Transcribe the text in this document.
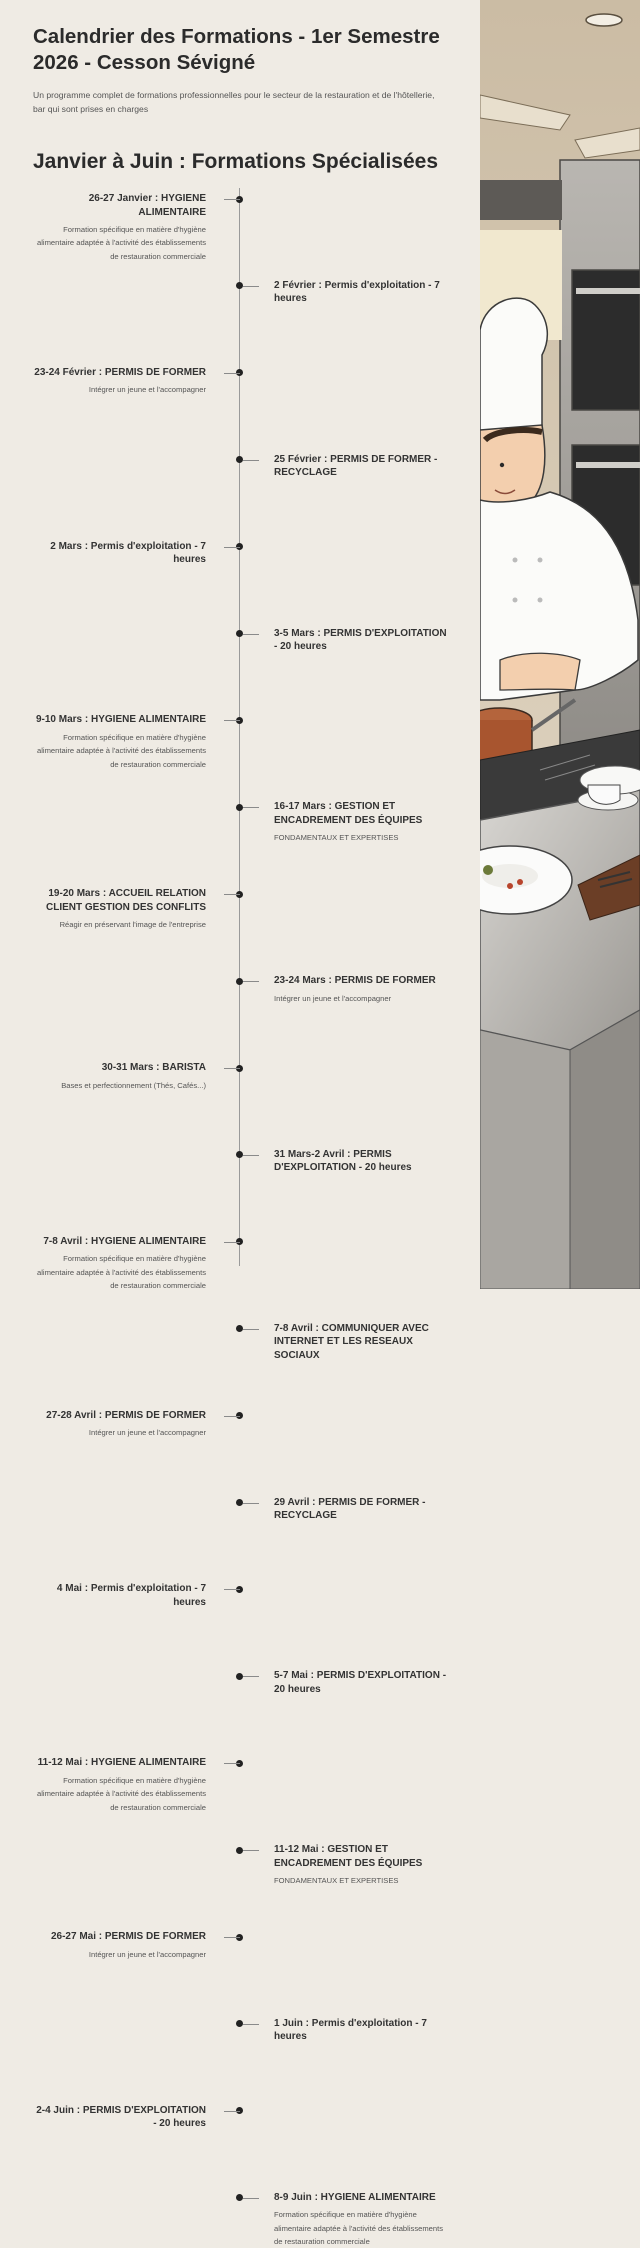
Calendrier des Formations - 1er Semestre 2026 - Cesson Sévigné
Un programme complet de formations professionnelles pour le secteur de la restauration et de l'hôtellerie, bar qui sont prises en charges
Janvier à Juin : Formations Spécialisées
26-27 Janvier : HYGIENE ALIMENTAIRE
Formation spécifique en matière d'hygiène alimentaire adaptée à l'activité des établissements de restauration commerciale
2 Février : Permis d'exploitation - 7 heures
23-24 Février : PERMIS DE FORMER
Intégrer un jeune et l'accompagner
25 Février : PERMIS DE FORMER - RECYCLAGE
2 Mars : Permis d'exploitation - 7 heures
3-5 Mars : PERMIS D'EXPLOITATION - 20 heures
9-10 Mars : HYGIENE ALIMENTAIRE
Formation spécifique en matière d'hygiène alimentaire adaptée à l'activité des établissements de restauration commerciale
16-17 Mars : GESTION ET ENCADREMENT DES ÉQUIPES
FONDAMENTAUX ET EXPERTISES
19-20 Mars : ACCUEIL RELATION CLIENT GESTION DES CONFLITS
Réagir en préservant l'image de l'entreprise
23-24 Mars : PERMIS DE FORMER
Intégrer un jeune et l'accompagner
30-31 Mars : BARISTA
Bases et perfectionnement (Thés, Cafés...)
31 Mars-2 Avril : PERMIS D'EXPLOITATION - 20 heures
7-8 Avril : HYGIENE ALIMENTAIRE
Formation spécifique en matière d'hygiène alimentaire adaptée à l'activité des établissements de restauration commerciale
7-8 Avril : COMMUNIQUER AVEC INTERNET ET LES RESEAUX SOCIAUX
27-28 Avril : PERMIS DE FORMER
Intégrer un jeune et l'accompagner
29 Avril : PERMIS DE FORMER - RECYCLAGE
4 Mai : Permis d'exploitation - 7 heures
5-7 Mai : PERMIS D'EXPLOITATION - 20 heures
11-12 Mai : HYGIENE ALIMENTAIRE
Formation spécifique en matière d'hygiène alimentaire adaptée à l'activité des établissements de restauration commerciale
11-12 Mai : GESTION ET ENCADREMENT DES ÉQUIPES
FONDAMENTAUX ET EXPERTISES
26-27 Mai : PERMIS DE FORMER
Intégrer un jeune et l'accompagner
1 Juin : Permis d'exploitation - 7 heures
2-4 Juin : PERMIS D'EXPLOITATION - 20 heures
8-9 Juin : HYGIENE ALIMENTAIRE
Formation spécifique en matière d'hygiène alimentaire adaptée à l'activité des établissements de restauration commerciale
